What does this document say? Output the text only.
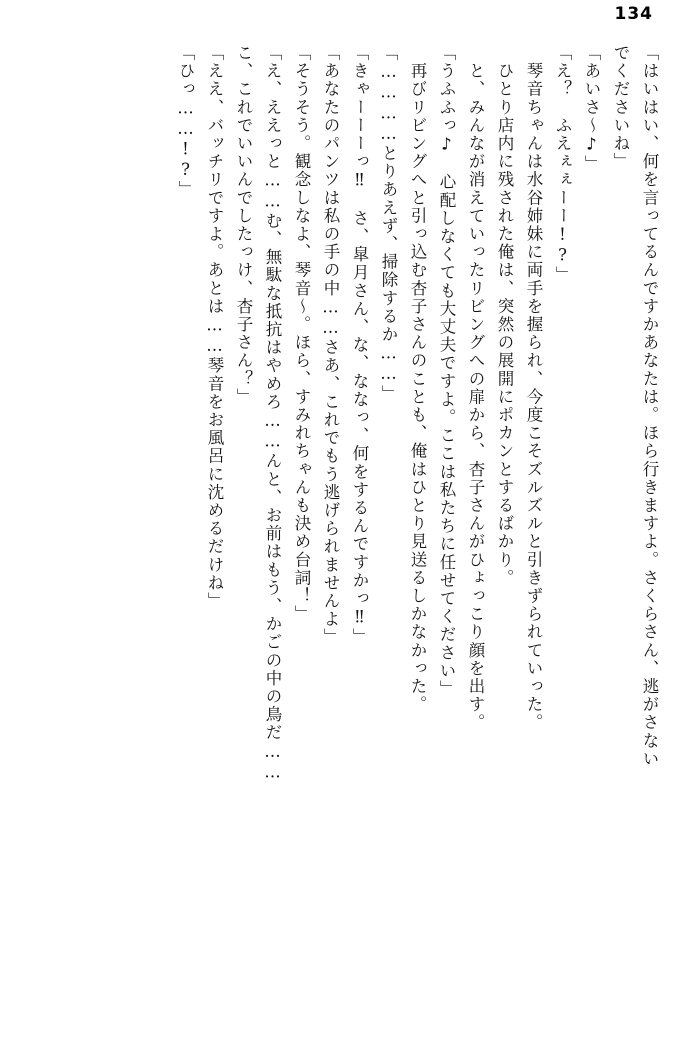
134
「はいはい、何を言ってるんですかあなたは。ほら行きますよ。さくらさん、逃がさない
でくださいね」
「あいさ～♪」
「え？　ふえぇぇーー!?」
　琴音ちゃんは水谷姉妹に両手を握られ、今度こそズルズルと引きずられていった。
　ひとり店内に残された俺は、突然の展開にポカンとするばかり。
　と、みんなが消えていったリビングへの扉から、杏子さんがひょっこり顔を出す。
「うふふっ♪　心配しなくても大丈夫ですよ。ここは私たちに任せてください」
　再びリビングへと引っ込む杏子さんのことも、俺はひとり見送るしかなかった。
「…………とりあえず、掃除するか……」
「きゃーーーっ‼　さ、皐月さん、な、ななっ、何をするんですかっ‼」
「あなたのパンツは私の手の中……さあ、これでもう逃げられませんよ」
「そうそう。観念しなよ、琴音～。ほら、すみれちゃんも決め台詞！」
「え、ええっと……む、無駄な抵抗はやめろ……んと、お前はもう、かごの中の鳥だ……
こ、これでいいんでしたっけ、杏子さん？」
「ええ、バッチリですよ。あとは……琴音をお風呂に沈めるだけね」
「ひっ……!?」
